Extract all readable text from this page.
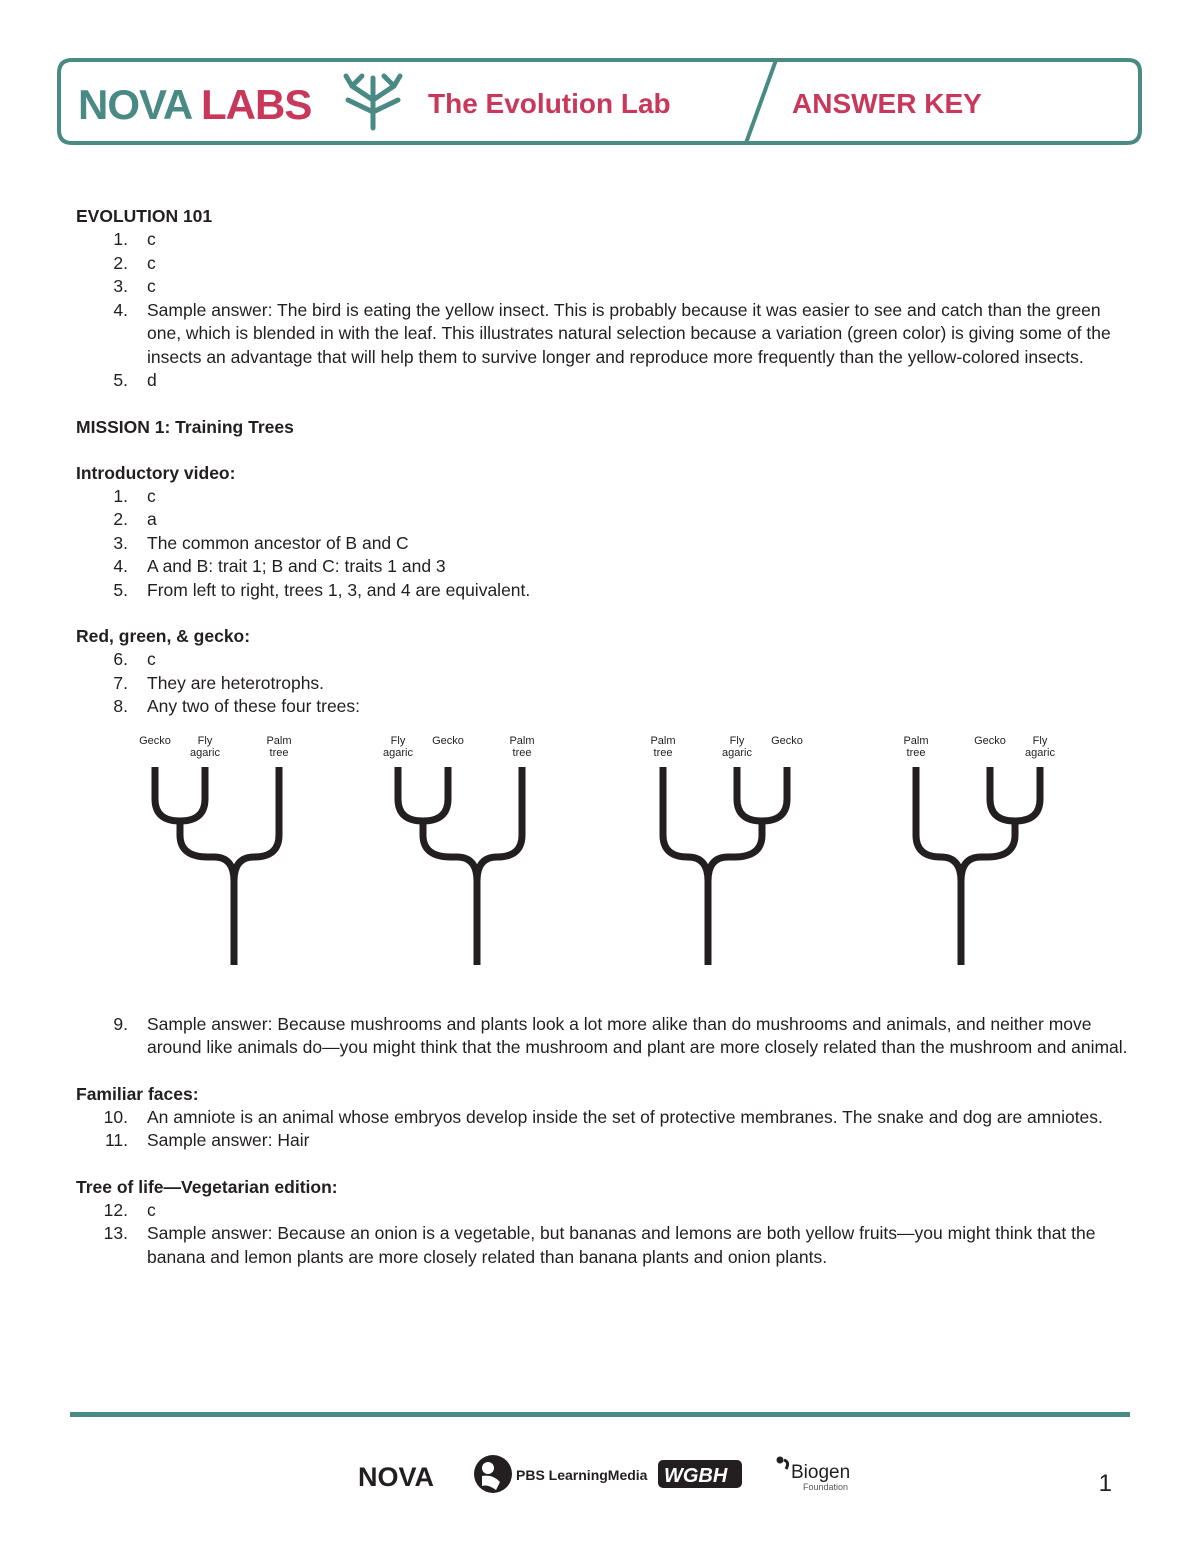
NOVA LABS	The Evolution Lab	ANSWER KEY
EVOLUTION 101
1. c
2. c
3. c
4. Sample answer: The bird is eating the yellow insect. This is probably because it was easier to see and catch than the green one, which is blended in with the leaf. This illustrates natural selection because a variation (green color) is giving some of the insects an advantage that will help them to survive longer and reproduce more frequently than the yellow-colored insects.
5. d
MISSION 1: Training Trees
Introductory video:
1. c
2. a
3. The common ancestor of B and C
4. A and B: trait 1; B and C: traits 1 and 3
5. From left to right, trees 1, 3, and 4 are equivalent.
Red, green, & gecko:
6. c
7. They are heterotrophs.
8. Any two of these four trees:
Gecko	Fly
agaric
Palm
tree
Fly
agaric
Gecko	Palm
tree
Palm
tree
Fly
agaric
Gecko	Palm
tree
Gecko	Fly
agaric
9. Sample answer: Because mushrooms and plants look a lot more alike than do mushrooms and animals, and neither move around like animals do—you might think that the mushroom and plant are more closely related than the mushroom and animal.
Familiar faces:
10. An amniote is an animal whose embryos develop inside the set of protective membranes. The snake and dog are amniotes.
11. Sample answer: Hair
Tree of life—Vegetarian edition:
12. c
13. Sample answer: Because an onion is a vegetable, but bananas and lemons are both yellow fruits—you might think that the banana and lemon plants are more closely related than banana plants and onion plants.
NOVA	PBS LearningMedia WGBH	Biogen
Foundation	1
